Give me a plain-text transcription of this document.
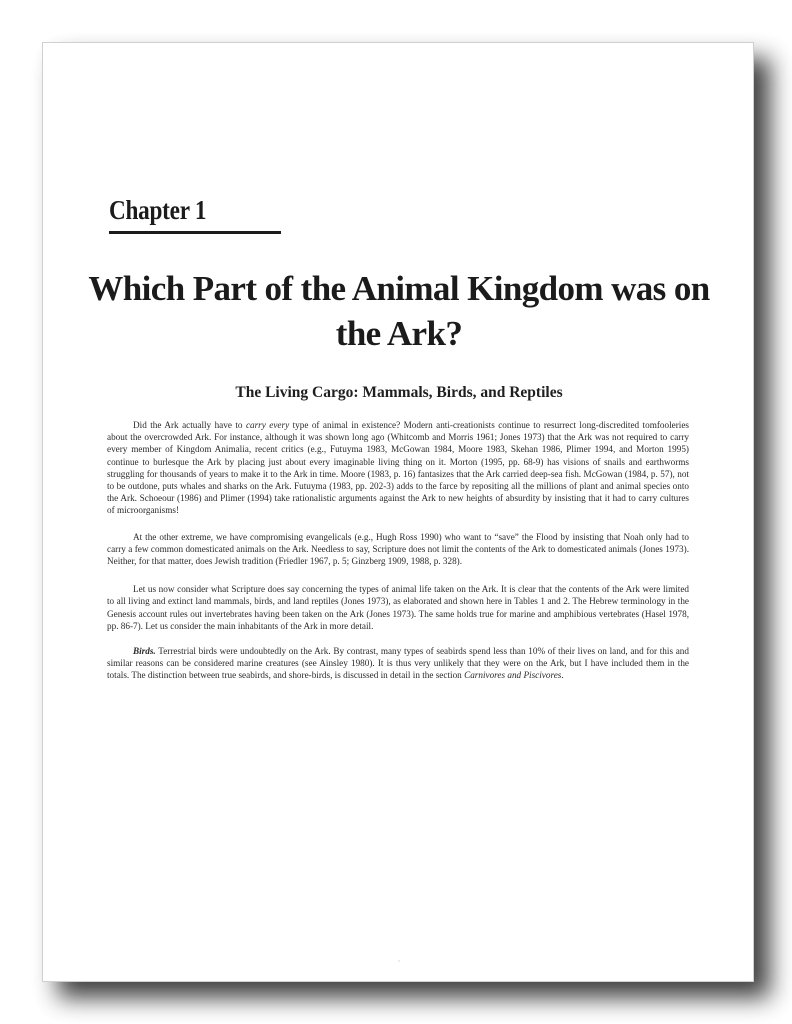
Chapter 1
Which Part of the Animal Kingdom was on
the Ark?
The Living Cargo: Mammals, Birds, and Reptiles

Did the Ark actually have to carry every type of animal in existence? Modern anti-creationists continue to resurrect long-discredited tomfooleries about the overcrowded Ark. For instance, although it was shown long ago (Whitcomb and Morris 1961; Jones 1973) that the Ark was not required to carry every member of Kingdom Animalia, recent critics (e.g., Futuyma 1983, McGowan 1984, Moore 1983, Skehan 1986, Plimer 1994, and Morton 1995) continue to burlesque the Ark by placing just about every imaginable living thing on it. Morton (1995, pp. 68-9) has visions of snails and earthworms struggling for thousands of years to make it to the Ark in time. Moore (1983, p. 16) fantasizes that the Ark carried deep-sea fish. McGowan (1984, p. 57), not to be outdone, puts whales and sharks on the Ark. Futuyma (1983, pp. 202-3) adds to the farce by repositing all the millions of plant and animal species onto the Ark. Schoeour (1986) and Plimer (1994) take rationalistic arguments against the Ark to new heights of absurdity by insisting that it had to carry cultures of microorganisms!

At the other extreme, we have compromising evangelicals (e.g., Hugh Ross 1990) who want to “save” the Flood by insisting that Noah only had to carry a few common domesticated animals on the Ark. Needless to say, Scripture does not limit the contents of the Ark to domesticated animals (Jones 1973). Neither, for that matter, does Jewish tradition (Friedler 1967, p. 5; Ginzberg 1909, 1988, p. 328).

Let us now consider what Scripture does say concerning the types of animal life taken on the Ark. It is clear that the contents of the Ark were limited to all living and extinct land mammals, birds, and land reptiles (Jones 1973), as elaborated and shown here in Tables 1 and 2. The Hebrew terminology in the Genesis account rules out invertebrates having been taken on the Ark (Jones 1973). The same holds true for marine and amphibious vertebrates (Hasel 1978, pp. 86-7). Let us consider the main inhabitants of the Ark in more detail.

Birds. Terrestrial birds were undoubtedly on the Ark. By contrast, many types of seabirds spend less than 10% of their lives on land, and for this and similar reasons can be considered marine creatures (see Ainsley 1980). It is thus very unlikely that they were on the Ark, but I have included them in the totals. The distinction between true seabirds, and shore-birds, is discussed in detail in the section Carnivores and Piscivores.

·
